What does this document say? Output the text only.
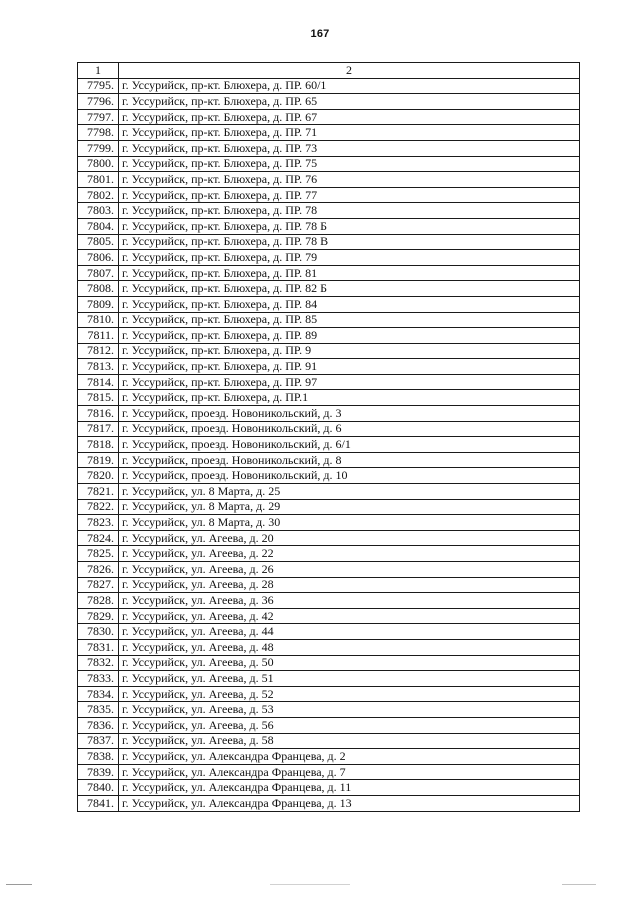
167
1	2
7795.	г. Уссурийск, пр-кт. Блюхера, д. ПР. 60/1
7796.	г. Уссурийск, пр-кт. Блюхера, д. ПР. 65
7797.	г. Уссурийск, пр-кт. Блюхера, д. ПР. 67
7798.	г. Уссурийск, пр-кт. Блюхера, д. ПР. 71
7799.	г. Уссурийск, пр-кт. Блюхера, д. ПР. 73
7800.	г. Уссурийск, пр-кт. Блюхера, д. ПР. 75
7801.	г. Уссурийск, пр-кт. Блюхера, д. ПР. 76
7802.	г. Уссурийск, пр-кт. Блюхера, д. ПР. 77
7803.	г. Уссурийск, пр-кт. Блюхера, д. ПР. 78
7804.	г. Уссурийск, пр-кт. Блюхера, д. ПР. 78 Б
7805.	г. Уссурийск, пр-кт. Блюхера, д. ПР. 78 В
7806.	г. Уссурийск, пр-кт. Блюхера, д. ПР. 79
7807.	г. Уссурийск, пр-кт. Блюхера, д. ПР. 81
7808.	г. Уссурийск, пр-кт. Блюхера, д. ПР. 82 Б
7809.	г. Уссурийск, пр-кт. Блюхера, д. ПР. 84
7810.	г. Уссурийск, пр-кт. Блюхера, д. ПР. 85
7811.	г. Уссурийск, пр-кт. Блюхера, д. ПР. 89
7812.	г. Уссурийск, пр-кт. Блюхера, д. ПР. 9
7813.	г. Уссурийск, пр-кт. Блюхера, д. ПР. 91
7814.	г. Уссурийск, пр-кт. Блюхера, д. ПР. 97
7815.	г. Уссурийск, пр-кт. Блюхера, д. ПР.1
7816.	г. Уссурийск, проезд. Новоникольский, д. 3
7817.	г. Уссурийск, проезд. Новоникольский, д. 6
7818.	г. Уссурийск, проезд. Новоникольский, д. 6/1
7819.	г. Уссурийск, проезд. Новоникольский, д. 8
7820.	г. Уссурийск, проезд. Новоникольский, д. 10
7821.	г. Уссурийск, ул. 8 Марта, д. 25
7822.	г. Уссурийск, ул. 8 Марта, д. 29
7823.	г. Уссурийск, ул. 8 Марта, д. 30
7824.	г. Уссурийск, ул. Агеева, д. 20
7825.	г. Уссурийск, ул. Агеева, д. 22
7826.	г. Уссурийск, ул. Агеева, д. 26
7827.	г. Уссурийск, ул. Агеева, д. 28
7828.	г. Уссурийск, ул. Агеева, д. 36
7829.	г. Уссурийск, ул. Агеева, д. 42
7830.	г. Уссурийск, ул. Агеева, д. 44
7831.	г. Уссурийск, ул. Агеева, д. 48
7832.	г. Уссурийск, ул. Агеева, д. 50
7833.	г. Уссурийск, ул. Агеева, д. 51
7834.	г. Уссурийск, ул. Агеева, д. 52
7835.	г. Уссурийск, ул. Агеева, д. 53
7836.	г. Уссурийск, ул. Агеева, д. 56
7837.	г. Уссурийск, ул. Агеева, д. 58
7838.	г. Уссурийск, ул. Александра Францева, д. 2
7839.	г. Уссурийск, ул. Александра Францева, д. 7
7840.	г. Уссурийск, ул. Александра Францева, д. 11
7841.	г. Уссурийск, ул. Александра Францева, д. 13
